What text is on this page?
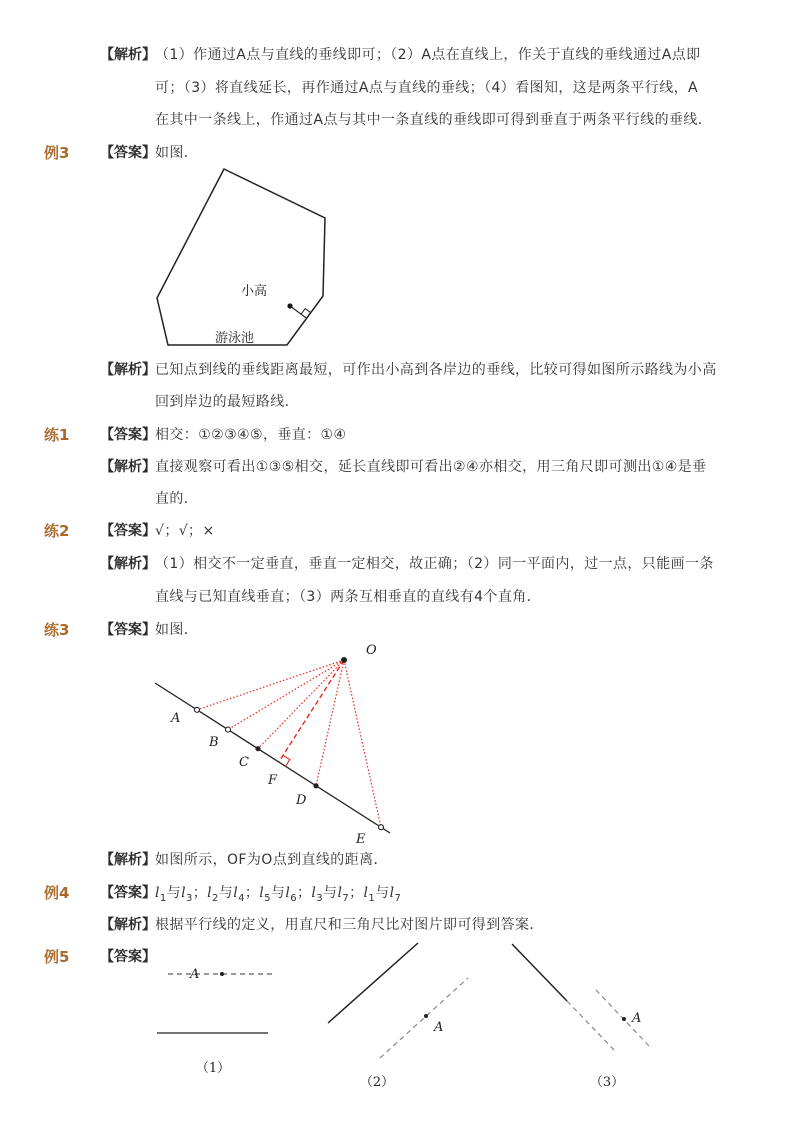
【解析】 （1）作通过A点与直线的垂线即可；（2）A点在直线上，作关于直线的垂线通过A点即
可；（3）将直线延长，再作通过A点与直线的垂线；（4）看图知，这是两条平行线，A
在其中一条线上，作通过A点与其中一条直线的垂线即可得到垂直于两条平行线的垂线．
例3 【答案】 如图．
小高
游泳池
【解析】 已知点到线的垂线距离最短，可作出小高到各岸边的垂线，比较可得如图所示路线为小高
回到岸边的最短路线．
练1 【答案】 相交：①②③④⑤，垂直：①④
【解析】 直接观察可看出①③⑤相交，延长直线即可看出②④亦相交，用三角尺即可测出①④是垂
直的．
练2 【答案】 √；√；×
【解析】 （1）相交不一定垂直，垂直一定相交，故正确；（2）同一平面内，过一点，只能画一条
直线与已知直线垂直；（3）两条互相垂直的直线有4个直角．
练3 【答案】 如图．
O
A
B
C
F
D
E
【解析】 如图所示，OF为O点到直线的距离．
例4 【答案】 $l_1$与$l_3$；$l_2$与$l_4$；$l_5$与$l_6$；$l_3$与$l_7$；$l_1$与$l_7$
【解析】 根据平行线的定义，用直尺和三角尺比对图片即可得到答案．
例5 【答案】
A
（1）
A
（2）
A
（3）
